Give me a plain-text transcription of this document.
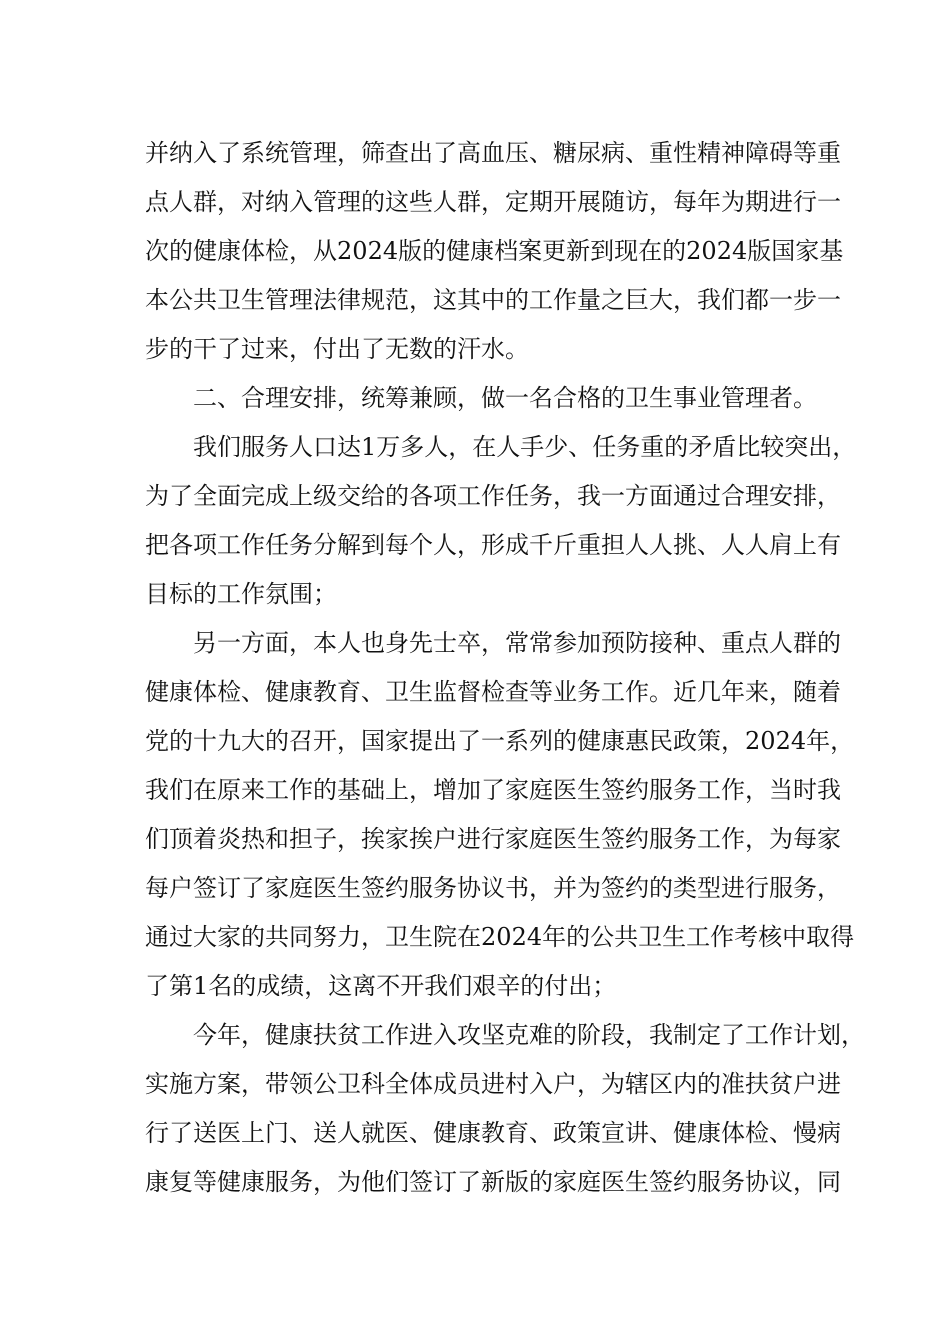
并 纳 入 了 系 统 管 理 ， 筛 查 出 了 高 血 压 、 糖 尿 病 、 重 性 精 神 障 碍 等 重
点 人 群 ， 对 纳 入 管 理 的 这 些 人 群 ， 定 期 开 展 随 访 ， 每 年 为 期 进 行 一
次 的 健 康 体 检 ， 从 2 0 2 4 版 的 健 康 档 案 更 新 到 现 在 的 2 0 2 4 版 国 家 基
本 公 共 卫 生 管 理 法 律 规 范 ， 这 其 中 的 工 作 量 之 巨 大 ， 我 们 都 一 步 一
步的干了过来，付出了无数的汗水。
二、合理安排，统筹兼顾，做一名合格的卫生事业管理者。
我 们 服 务 人 口 达 1 万 多 人 ， 在 人 手 少 、 任 务 重 的 矛 盾 比 较 突 出 ，
为 了 全 面 完 成 上 级 交 给 的 各 项 工 作 任 务 ， 我 一 方 面 通 过 合 理 安 排 ，
把 各 项 工 作 任 务 分 解 到 每 个 人 ， 形 成 千 斤 重 担 人 人 挑 、 人 人 肩 上 有
目标的工作氛围；
另 一 方 面 ， 本 人 也 身 先 士 卒 ， 常 常 参 加 预 防 接 种 、 重 点 人 群 的
健 康 体 检 、 健 康 教 育 、 卫 生 监 督 检 查 等 业 务 工 作 。 近 几 年 来 ， 随 着
党 的 十 九 大 的 召 开 ， 国 家 提 出 了 一 系 列 的 健 康 惠 民 政 策 ， 2 0 2 4 年 ，
我 们 在 原 来 工 作 的 基 础 上 ， 增 加 了 家 庭 医 生 签 约 服 务 工 作 ， 当 时 我
们 顶 着 炎 热 和 担 子 ， 挨 家 挨 户 进 行 家 庭 医 生 签 约 服 务 工 作 ， 为 每 家
每 户 签 订 了 家 庭 医 生 签 约 服 务 协 议 书 ， 并 为 签 约 的 类 型 进 行 服 务 ，
通 过 大 家 的 共 同 努 力 ， 卫 生 院 在 2 0 2 4 年 的 公 共 卫 生 工 作 考 核 中 取 得
了第1名的成绩，这离不开我们艰辛的付出；
今 年 ， 健 康 扶 贫 工 作 进 入 攻 坚 克 难 的 阶 段 ， 我 制 定 了 工 作 计 划 ，
实 施 方 案 ， 带 领 公 卫 科 全 体 成 员 进 村 入 户 ， 为 辖 区 内 的 准 扶 贫 户 进
行 了 送 医 上 门 、 送 人 就 医 、 健 康 教 育 、 政 策 宣 讲 、 健 康 体 检 、 慢 病
康 复 等 健 康 服 务 ， 为 他 们 签 订 了 新 版 的 家 庭 医 生 签 约 服 务 协 议 ， 同
